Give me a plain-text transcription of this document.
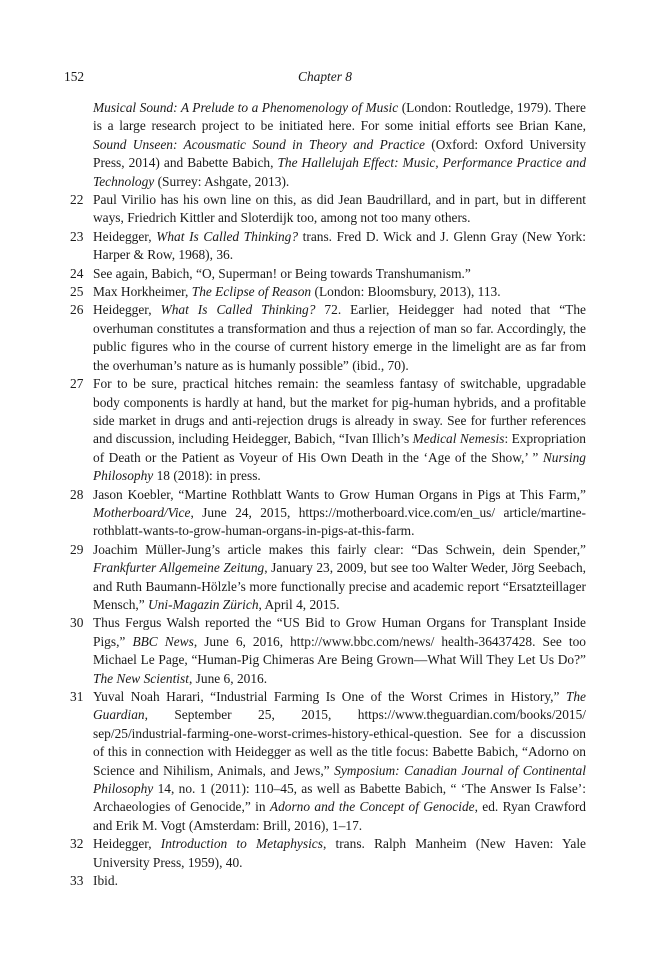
152	Chapter 8

Musical Sound: A Prelude to a Phenomenology of Music (London: Routledge, 1979). There is a large research project to be initiated here. For some initial efforts see Brian Kane, Sound Unseen: Acousmatic Sound in Theory and Practice (Oxford: Oxford University Press, 2014) and Babette Babich, The Hallelujah Effect: Music, Performance Practice and Technology (Surrey: Ashgate, 2013).

22 Paul Virilio has his own line on this, as did Jean Baudrillard, and in part, but in different ways, Friedrich Kittler and Sloterdijk too, among not too many others.

23 Heidegger, What Is Called Thinking? trans. Fred D. Wick and J. Glenn Gray (New York: Harper & Row, 1968), 36.

24 See again, Babich, “O, Superman! or Being towards Transhumanism.”

25 Max Horkheimer, The Eclipse of Reason (London: Bloomsbury, 2013), 113.

26 Heidegger, What Is Called Thinking? 72. Earlier, Heidegger had noted that “The overhuman constitutes a transformation and thus a rejection of man so far. Accordingly, the public figures who in the course of current history emerge in the limelight are as far from the overhuman’s nature as is humanly possible” (ibid., 70).

27 For to be sure, practical hitches remain: the seamless fantasy of switchable, upgradable body components is hardly at hand, but the market for pig-human hybrids, and a profitable side market in drugs and anti-rejection drugs is already in sway. See for further references and discussion, including Heidegger, Babich, “Ivan Illich’s Medical Nemesis: Expropriation of Death or the Patient as Voyeur of His Own Death in the ‘Age of the Show,’ ” Nursing Philosophy 18 (2018): in press.

28 Jason Koebler, “Martine Rothblatt Wants to Grow Human Organs in Pigs at This Farm,” Motherboard/Vice, June 24, 2015, https://motherboard.vice.com/en_us/ article/martine-rothblatt-wants-to-grow-human-organs-in-pigs-at-this-farm.

29 Joachim Müller-Jung’s article makes this fairly clear: “Das Schwein, dein Spender,” Frankfurter Allgemeine Zeitung, January 23, 2009, but see too Walter Weder, Jörg Seebach, and Ruth Baumann-Hölzle’s more functionally precise and academic report “Ersatzteillager Mensch,” Uni-Magazin Zürich, April 4, 2015.

30 Thus Fergus Walsh reported the “US Bid to Grow Human Organs for Transplant Inside Pigs,” BBC News, June 6, 2016, http://www.bbc.com/news/ health-36437428. See too Michael Le Page, “Human-Pig Chimeras Are Being Grown—What Will They Let Us Do?” The New Scientist, June 6, 2016.

31 Yuval Noah Harari, “Industrial Farming Is One of the Worst Crimes in History,” The Guardian, September 25, 2015, https://www.theguardian.com/books/2015/ sep/25/industrial-farming-one-worst-crimes-history-ethical-question. See for a discussion of this in connection with Heidegger as well as the title focus: Babette Babich, “Adorno on Science and Nihilism, Animals, and Jews,” Symposium: Canadian Journal of Continental Philosophy 14, no. 1 (2011): 110–45, as well as Babette Babich, “ ‘The Answer Is False’: Archaeologies of Genocide,” in Adorno and the Concept of Genocide, ed. Ryan Crawford and Erik M. Vogt (Amsterdam: Brill, 2016), 1–17.

32 Heidegger, Introduction to Metaphysics, trans. Ralph Manheim (New Haven: Yale University Press, 1959), 40.

33 Ibid.
